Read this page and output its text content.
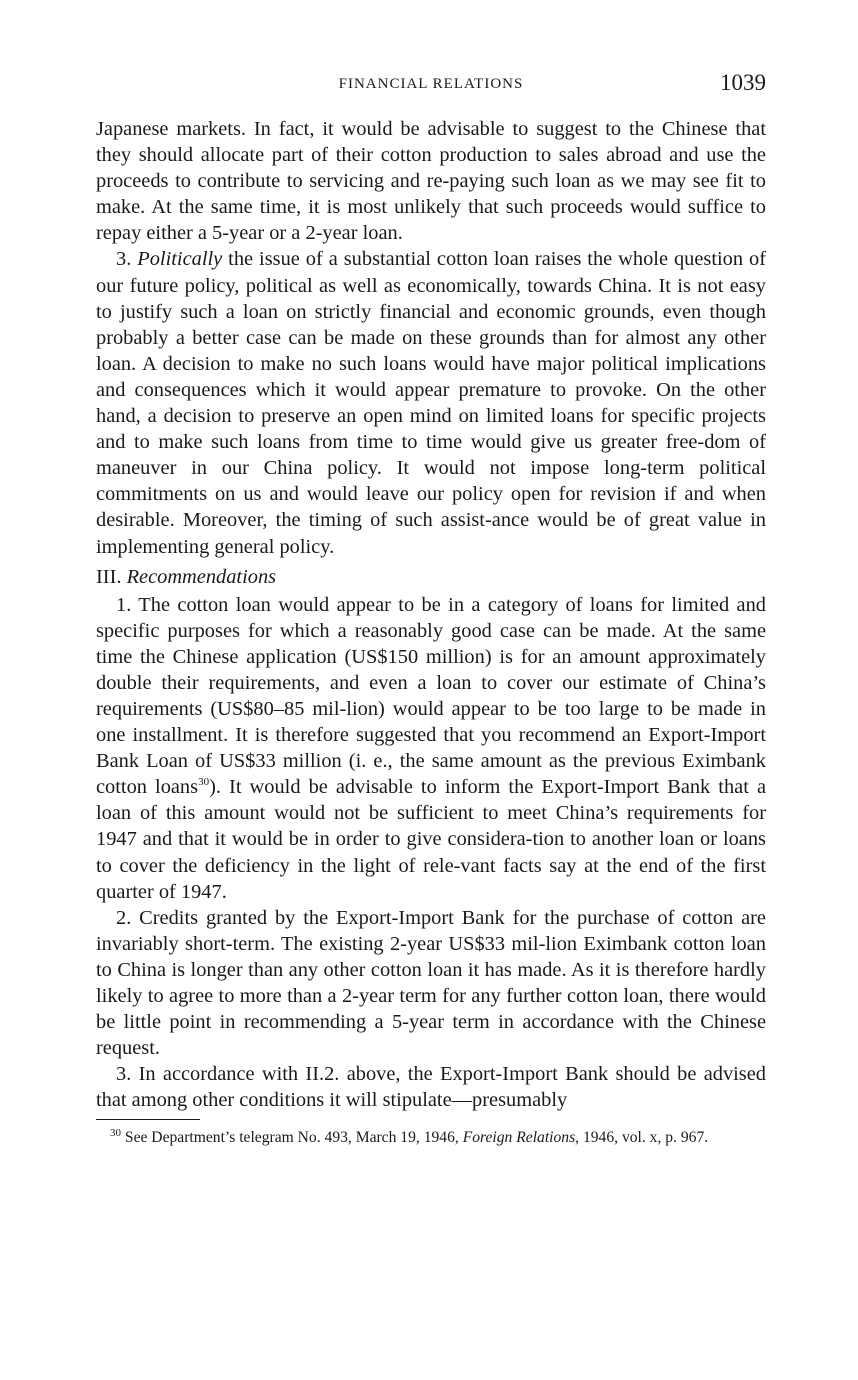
FINANCIAL RELATIONS	1039

Japanese markets. In fact, it would be advisable to suggest to the Chinese that they should allocate part of their cotton production to sales abroad and use the proceeds to contribute to servicing and re-paying such loan as we may see fit to make. At the same time, it is most unlikely that such proceeds would suffice to repay either a 5-year or a 2-year loan.

3. Politically the issue of a substantial cotton loan raises the whole question of our future policy, political as well as economically, towards China. It is not easy to justify such a loan on strictly financial and economic grounds, even though probably a better case can be made on these grounds than for almost any other loan. A decision to make no such loans would have major political implications and consequences which it would appear premature to provoke. On the other hand, a decision to preserve an open mind on limited loans for specific projects and to make such loans from time to time would give us greater free-dom of maneuver in our China policy. It would not impose long-term political commitments on us and would leave our policy open for revision if and when desirable. Moreover, the timing of such assist-ance would be of great value in implementing general policy.

III. Recommendations

1. The cotton loan would appear to be in a category of loans for limited and specific purposes for which a reasonably good case can be made. At the same time the Chinese application (US$150 million) is for an amount approximately double their requirements, and even a loan to cover our estimate of China’s requirements (US$80–85 mil-lion) would appear to be too large to be made in one installment. It is therefore suggested that you recommend an Export-Import Bank Loan of US$33 million (i. e., the same amount as the previous Eximbank cotton loans$^{30}$). It would be advisable to inform the Export-Import Bank that a loan of this amount would not be sufficient to meet China’s requirements for 1947 and that it would be in order to give considera-tion to another loan or loans to cover the deficiency in the light of rele-vant facts say at the end of the first quarter of 1947.

2. Credits granted by the Export-Import Bank for the purchase of cotton are invariably short-term. The existing 2-year US$33 mil-lion Eximbank cotton loan to China is longer than any other cotton loan it has made. As it is therefore hardly likely to agree to more than a 2-year term for any further cotton loan, there would be little point in recommending a 5-year term in accordance with the Chinese request.

3. In accordance with II.2. above, the Export-Import Bank should be advised that among other conditions it will stipulate—presumably

$^{30}$ See Department’s telegram No. 493, March 19, 1946, Foreign Relations, 1946, vol. x, p. 967.
